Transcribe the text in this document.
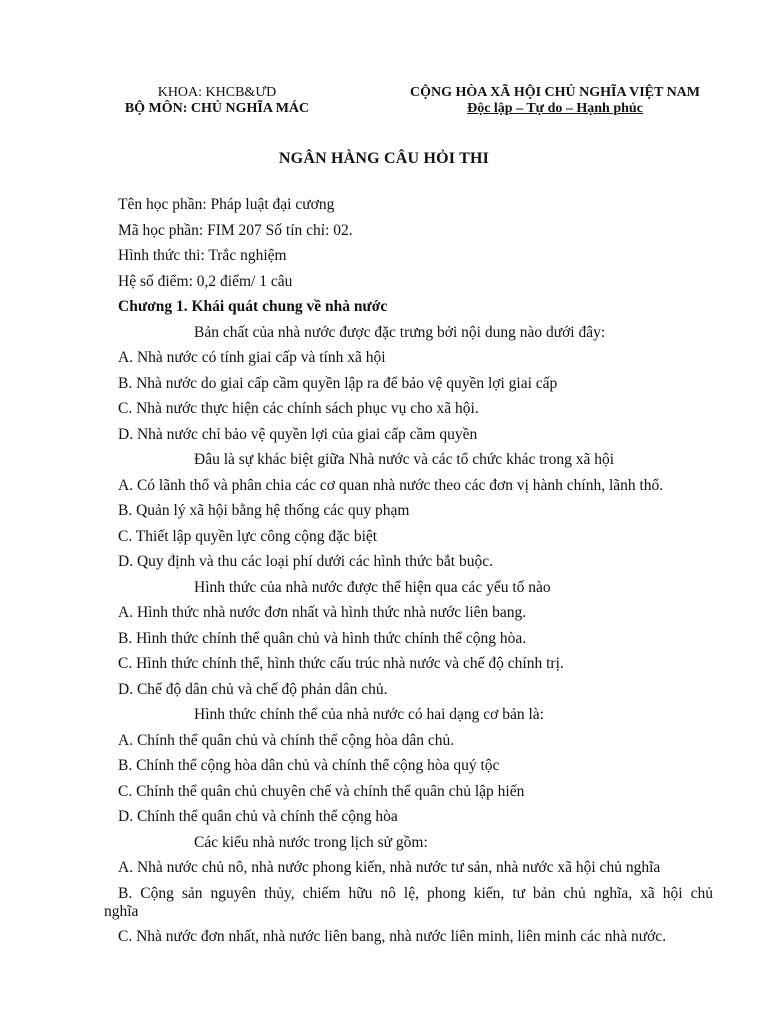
KHOA: KHCB&ƯD
BỘ MÔN: CHỦ NGHĨA MÁC
CỘNG HÒA XÃ HỘI CHỦ NGHĨA VIỆT NAM
Độc lập – Tự do – Hạnh phúc
NGÂN HÀNG CÂU HỎI THI
Tên học phần: Pháp luật đại cương
Mã học phần: FIM 207 Số tín chỉ: 02.
Hình thức thi: Trắc nghiệm
Hệ số điểm: 0,2 điểm/ 1 câu
Chương 1. Khái quát chung về nhà nước
Bản chất của nhà nước được đặc trưng bởi nội dung nào dưới đây:
A. Nhà nước có tính giai cấp và tính xã hội
B. Nhà nước do giai cấp cầm quyền lập ra để bảo vệ quyền lợi giai cấp
C. Nhà nước thực hiện các chính sách phục vụ cho xã hội.
D. Nhà nước chỉ bảo vệ quyền lợi của giai cấp cầm quyền
Đâu là sự khác biệt giữa Nhà nước và các tổ chức khác trong xã hội
A. Có lãnh thổ và phân chia các cơ quan nhà nước theo các đơn vị hành chính, lãnh thổ.
B. Quản lý xã hội bằng hệ thống các quy phạm
C. Thiết lập quyền lực công cộng đặc biệt
D. Quy định và thu các loại phí dưới các hình thức bắt buộc.
Hình thức của nhà nước được thể hiện qua các yếu tố nào
A. Hình thức nhà nước đơn nhất và hình thức nhà nước liên bang.
B. Hình thức chính thể quân chủ và hình thức chính thể cộng hòa.
C. Hình thức chính thể, hình thức cấu trúc nhà nước và chế độ chính trị.
D. Chế độ dân chủ và chế độ phản dân chủ.
Hình thức chính thể của nhà nước có hai dạng cơ bản là:
A. Chính thể quân chủ và chính thể cộng hòa dân chủ.
B. Chính thể cộng hòa dân chủ và chính thể cộng hòa quý tộc
C. Chính thể quân chủ chuyên chế và chính thể quân chủ lập hiến
D. Chính thể quân chủ và chính thể cộng hòa
Các kiểu nhà nước trong lịch sử gồm:
A. Nhà nước chủ nô, nhà nước phong kiến, nhà nước tư sản, nhà nước xã hội chủ nghĩa
B. Cộng sản nguyên thủy, chiếm hữu nô lệ, phong kiến, tư bản chủ nghĩa, xã hội chủ
nghĩa
C. Nhà nước đơn nhất, nhà nước liên bang, nhà nước liên minh, liên minh các nhà nước.
